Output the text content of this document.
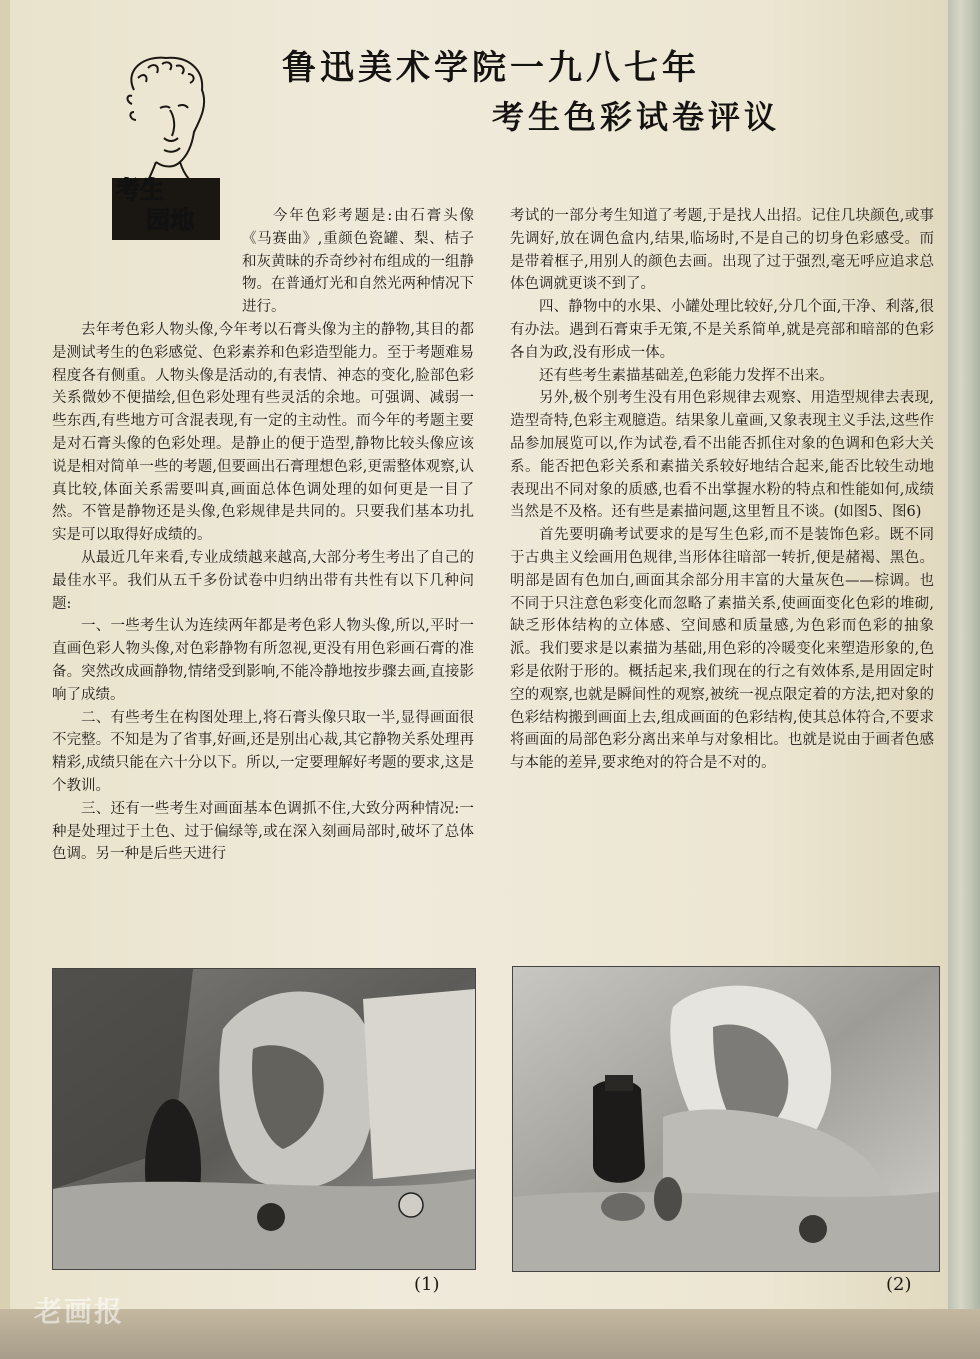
考生
园地
鲁迅美术学院一九八七年
考生色彩试卷评议

今年色彩考题是:由石膏头像《马赛曲》,重颜色瓷罐、梨、桔子和灰黄昧的乔奇纱衬布组成的一组静物。在普通灯光和自然光两种情况下进行。

去年考色彩人物头像,今年考以石膏头像为主的静物,其目的都是测试考生的色彩感觉、色彩素养和色彩造型能力。至于考题难易程度各有侧重。人物头像是活动的,有表情、神态的变化,脸部色彩关系微妙不便描绘,但色彩处理有些灵活的余地。可强调、减弱一些东西,有些地方可含混表现,有一定的主动性。而今年的考题主要是对石膏头像的色彩处理。是静止的便于造型,静物比较头像应该说是相对简单一些的考题,但要画出石膏理想色彩,更需整体观察,认真比较,体面关系需要叫真,画面总体色调处理的如何更是一目了然。不管是静物还是头像,色彩规律是共同的。只要我们基本功扎实是可以取得好成绩的。

从最近几年来看,专业成绩越来越高,大部分考生考出了自己的最佳水平。我们从五千多份试卷中归纳出带有共性有以下几种问题:

一、一些考生认为连续两年都是考色彩人物头像,所以,平时一直画色彩人物头像,对色彩静物有所忽视,更没有用色彩画石膏的准备。突然改成画静物,情绪受到影响,不能冷静地按步骤去画,直接影响了成绩。

二、有些考生在构图处理上,将石膏头像只取一半,显得画面很不完整。不知是为了省事,好画,还是别出心裁,其它静物关系处理再精彩,成绩只能在六十分以下。所以,一定要理解好考题的要求,这是个教训。

三、还有一些考生对画面基本色调抓不住,大致分两种情况:一种是处理过于土色、过于偏绿等,或在深入刻画局部时,破坏了总体色调。另一种是后些天进行

考试的一部分考生知道了考题,于是找人出招。记住几块颜色,或事先调好,放在调色盒内,结果,临场时,不是自己的切身色彩感受。而是带着框子,用别人的颜色去画。出现了过于强烈,毫无呼应追求总体色调就更谈不到了。

四、静物中的水果、小罐处理比较好,分几个面,干净、利落,很有办法。遇到石膏束手无策,不是关系简单,就是亮部和暗部的色彩各自为政,没有形成一体。

还有些考生素描基础差,色彩能力发挥不出来。

另外,极个别考生没有用色彩规律去观察、用造型规律去表现,造型奇特,色彩主观臆造。结果象儿童画,又象表现主义手法,这些作品参加展览可以,作为试卷,看不出能否抓住对象的色调和色彩大关系。能否把色彩关系和素描关系较好地结合起来,能否比较生动地表现出不同对象的质感,也看不出掌握水粉的特点和性能如何,成绩当然是不及格。还有些是素描问题,这里暂且不谈。(如图5、图6)

首先要明确考试要求的是写生色彩,而不是装饰色彩。既不同于古典主义绘画用色规律,当形体往暗部一转折,便是赭褐、黑色。明部是固有色加白,画面其余部分用丰富的大量灰色——棕调。也不同于只注意色彩变化而忽略了素描关系,使画面变化色彩的堆砌,缺乏形体结构的立体感、空间感和质量感,为色彩而色彩的抽象派。我们要求是以素描为基础,用色彩的冷暖变化来塑造形象的,色彩是依附于形的。概括起来,我们现在的行之有效体系,是用固定时空的观察,也就是瞬间性的观察,被统一视点限定着的方法,把对象的色彩结构搬到画面上去,组成画面的色彩结构,使其总体符合,不要求将画面的局部色彩分离出来单与对象相比。也就是说由于画者色感与本能的差异,要求绝对的符合是不对的。

(1)	(2)
老画报
